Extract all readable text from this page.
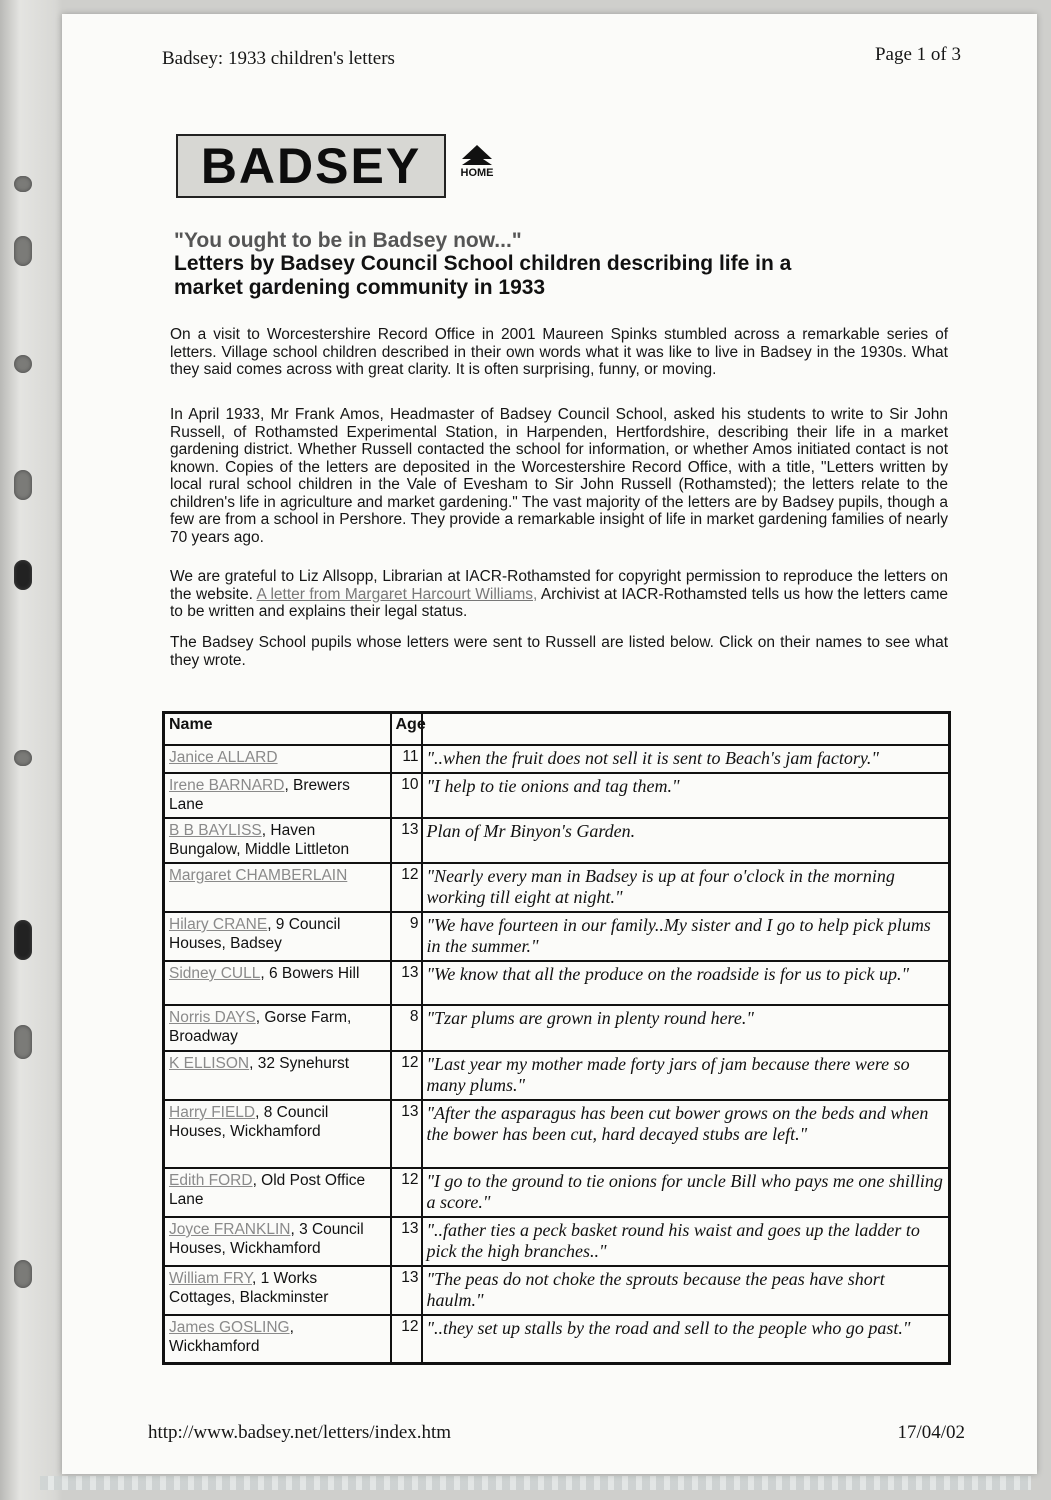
Badsey: 1933 children's letters	Page 1 of 3
BADSEY	HOME
"You ought to be in Badsey now..."
Letters by Badsey Council School children describing life in a market gardening community in 1933
On a visit to Worcestershire Record Office in 2001 Maureen Spinks stumbled across a remarkable series of letters. Village school children described in their own words what it was like to live in Badsey in the 1930s. What they said comes across with great clarity. It is often surprising, funny, or moving.
In April 1933, Mr Frank Amos, Headmaster of Badsey Council School, asked his students to write to Sir John Russell, of Rothamsted Experimental Station, in Harpenden, Hertfordshire, describing their life in a market gardening district. Whether Russell contacted the school for information, or whether Amos initiated contact is not known. Copies of the letters are deposited in the Worcestershire Record Office, with a title, "Letters written by local rural school children in the Vale of Evesham to Sir John Russell (Rothamsted); the letters relate to the children's life in agriculture and market gardening." The vast majority of the letters are by Badsey pupils, though a few are from a school in Pershore. They provide a remarkable insight of life in market gardening families of nearly 70 years ago.
We are grateful to Liz Allsopp, Librarian at IACR-Rothamsted for copyright permission to reproduce the letters on the website. A letter from Margaret Harcourt Williams, Archivist at IACR-Rothamsted tells us how the letters came to be written and explains their legal status.
The Badsey School pupils whose letters were sent to Russell are listed below. Click on their names to see what they wrote.
Name	Age	
Janice ALLARD	11	"..when the fruit does not sell it is sent to Beach's jam factory."
Irene BARNARD, Brewers Lane	10	"I help to tie onions and tag them."
B B BAYLISS, Haven Bungalow, Middle Littleton	13	Plan of Mr Binyon's Garden.
Margaret CHAMBERLAIN	12	"Nearly every man in Badsey is up at four o'clock in the morning working till eight at night."
Hilary CRANE, 9 Council Houses, Badsey	9	"We have fourteen in our family..My sister and I go to help pick plums in the summer."
Sidney CULL, 6 Bowers Hill	13	"We know that all the produce on the roadside is for us to pick up."
Norris DAYS, Gorse Farm, Broadway	8	"Tzar plums are grown in plenty round here."
K ELLISON, 32 Synehurst	12	"Last year my mother made forty jars of jam because there were so many plums."
Harry FIELD, 8 Council Houses, Wickhamford	13	"After the asparagus has been cut bower grows on the beds and when the bower has been cut, hard decayed stubs are left."
Edith FORD, Old Post Office Lane	12	"I go to the ground to tie onions for uncle Bill who pays me one shilling a score."
Joyce FRANKLIN, 3 Council Houses, Wickhamford	13	"..father ties a peck basket round his waist and goes up the ladder to pick the high branches.."
William FRY, 1 Works Cottages, Blackminster	13	"The peas do not choke the sprouts because the peas have short haulm."
James GOSLING, Wickhamford	12	"..they set up stalls by the road and sell to the people who go past."
http://www.badsey.net/letters/index.htm	17/04/02
